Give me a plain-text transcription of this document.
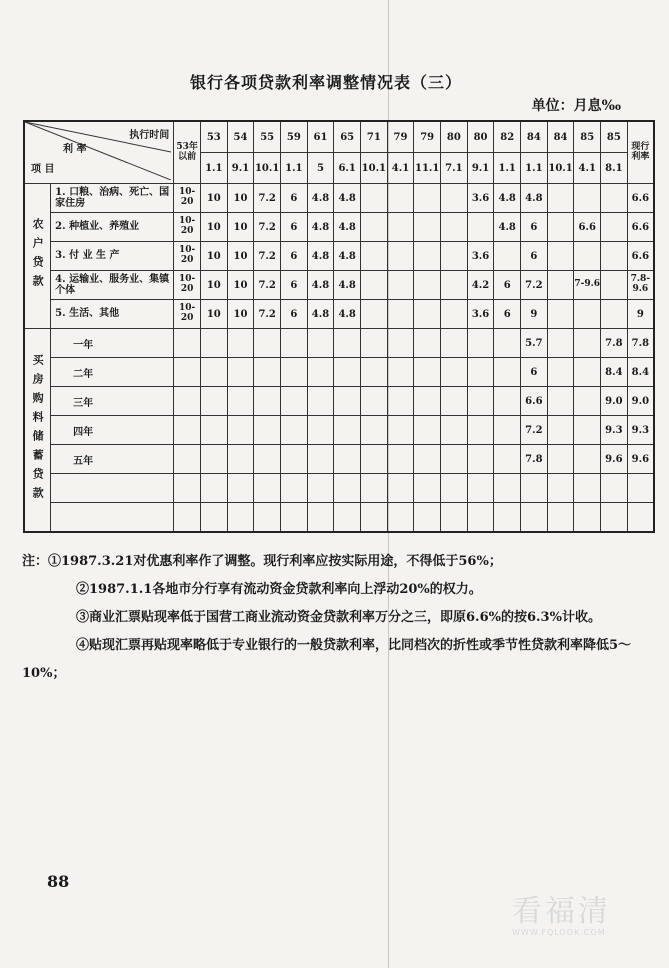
银行各项贷款利率调整情况表（三）
单位：月息‰
执行时间
利 率
项 目		53年以前	53	54	55	59	61	65	71	79	79	80	80	82	84	84	85	85	现行利率
			1.1	9.1	10.1	1.1	5	6.1	10.1	4.1	11.1	7.1	9.1	1.1	1.1	10.1	4.1	8.1	
农户贷款	1. 口粮、治病、死亡、国家住房	10-20	10	10	7.2	6	4.8	4.8					3.6	4.8	4.8				6.6
	2. 种植业、养殖业	10-20	10	10	7.2	6	4.8	4.8						4.8	6		6.6		6.6
	3. 付 业 生 产	10-20	10	10	7.2	6	4.8	4.8					3.6		6				6.6
	4. 运输业、服务业、集镇个体	10-20	10	10	7.2	6	4.8	4.8					4.2	6	7.2		7-9.6		7.8-9.6
	5. 生活、其他	10-20	10	10	7.2	6	4.8	4.8					3.6	6	9				9
买房购料储蓄贷款	一年														5.7			7.8	7.8
	二年														6			8.4	8.4
	三年														6.6			9.0	9.0
	四年														7.2			9.3	9.3
	五年														7.8			9.6	9.6

注：①1987.3.21对优惠利率作了调整。现行利率应按实际用途，不得低于56%；

②1987.1.1各地市分行享有流动资金贷款利率向上浮动20%的权力。

③商业汇票贴现率低于国营工商业流动资金贷款利率万分之三，即原6.6%的按6.3%计收。

④贴现汇票再贴现率略低于专业银行的一般贷款利率，比同档次的折性或季节性贷款利率降低5～10%；

88
看福清
WWW.FQLOOK.COM
